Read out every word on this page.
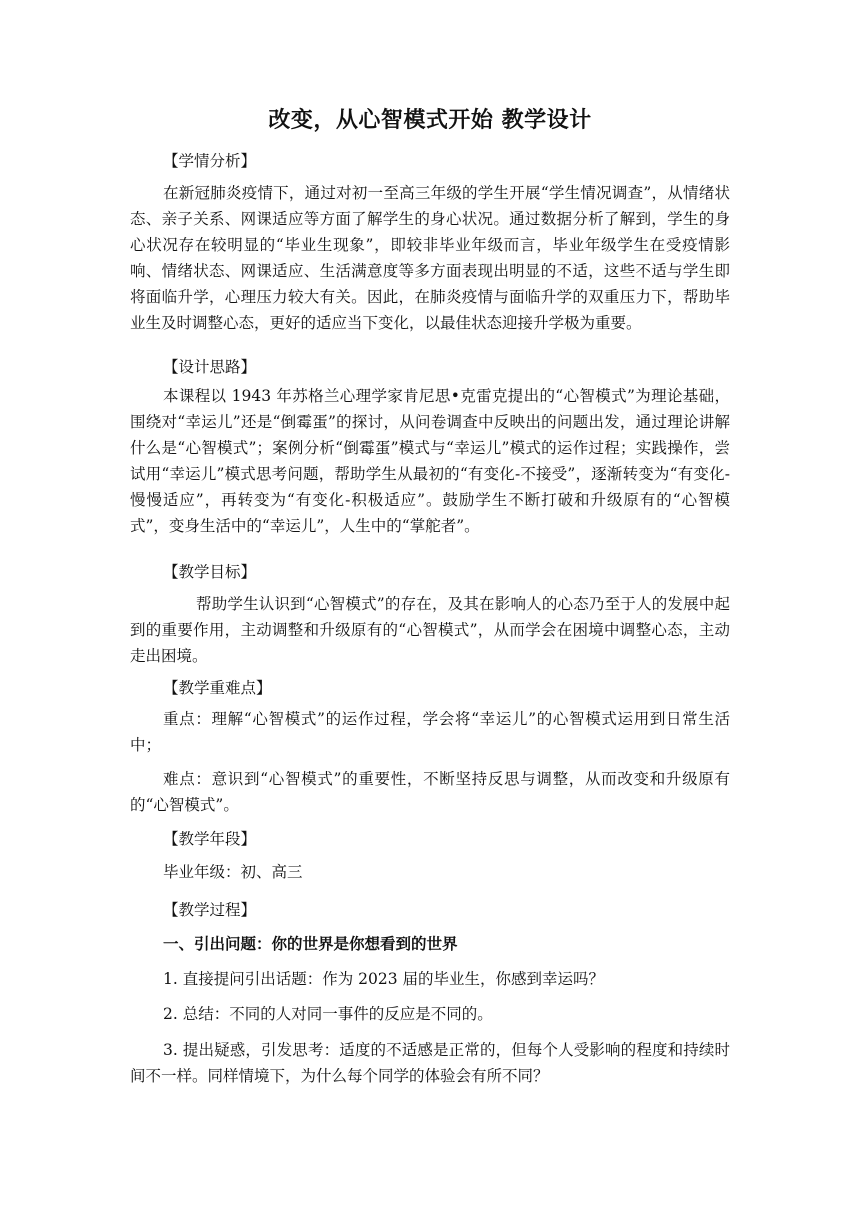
改变，从心智模式开始 教学设计
【学情分析】

在新冠肺炎疫情下，通过对初一至高三年级的学生开展“学生情况调查”，从情绪状态、亲子关系、网课适应等方面了解学生的身心状况。通过数据分析了解到，学生的身心状况存在较明显的“毕业生现象”，即较非毕业年级而言，毕业年级学生在受疫情影响、情绪状态、网课适应、生活满意度等多方面表现出明显的不适，这些不适与学生即将面临升学，心理压力较大有关。因此，在肺炎疫情与面临升学的双重压力下，帮助毕业生及时调整心态，更好的适应当下变化，以最佳状态迎接升学极为重要。

【设计思路】

本课程以 1943 年苏格兰心理学家肯尼思•克雷克提出的“心智模式”为理论基础，围绕对“幸运儿”还是“倒霉蛋”的探讨，从问卷调查中反映出的问题出发，通过理论讲解什么是“心智模式”；案例分析“倒霉蛋”模式与“幸运儿”模式的运作过程；实践操作，尝试用“幸运儿”模式思考问题，帮助学生从最初的“有变化-不接受”，逐渐转变为“有变化-慢慢适应”，再转变为“有变化-积极适应”。鼓励学生不断打破和升级原有的“心智模式”，变身生活中的“幸运儿”，人生中的“掌舵者”。

【教学目标】

帮助学生认识到“心智模式”的存在，及其在影响人的心态乃至于人的发展中起到的重要作用，主动调整和升级原有的“心智模式”，从而学会在困境中调整心态，主动走出困境。

【教学重难点】

重点：理解“心智模式”的运作过程，学会将“幸运儿”的心智模式运用到日常生活中；

难点：意识到“心智模式”的重要性，不断坚持反思与调整，从而改变和升级原有的“心智模式”。

【教学年段】
毕业年级：初、高三
【教学过程】
一、引出问题：你的世界是你想看到的世界
1. 直接提问引出话题：作为 2023 届的毕业生，你感到幸运吗？
2. 总结：不同的人对同一事件的反应是不同的。

3. 提出疑惑，引发思考：适度的不适感是正常的，但每个人受影响的程度和持续时间不一样。同样情境下，为什么每个同学的体验会有所不同？
